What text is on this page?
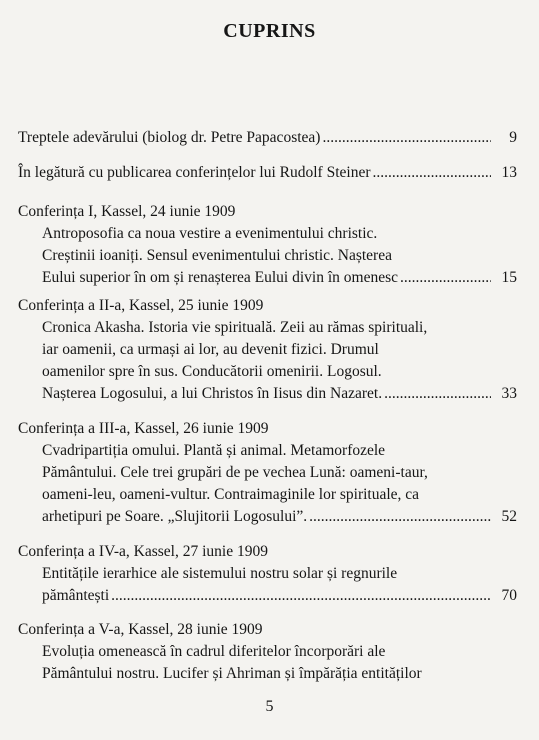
CUPRINS
Treptele adevărului (biolog dr. Petre Papacostea) .....	9
În legătură cu publicarea conferințelor lui Rudolf Steiner .....	13
Conferința I, Kassel, 24 iunie 1909
Antroposofia ca noua vestire a evenimentului christic.
Creștinii ioaniți. Sensul evenimentului christic. Nașterea
Eului superior în om și renașterea Eului divin în omenesc .....	15
Conferința a II-a, Kassel, 25 iunie 1909
Cronica Akasha. Istoria vie spirituală. Zeii au rămas spirituali,
iar oamenii, ca urmași ai lor, au devenit fizici. Drumul
oamenilor spre în sus. Conducătorii omenirii. Logosul.
Nașterea Logosului, a lui Christos în Iisus din Nazaret. .....	33
Conferința a III-a, Kassel, 26 iunie 1909
Cvadripartiția omului. Plantă și animal. Metamorfozele
Pământului. Cele trei grupări de pe vechea Lună: oameni-taur,
oameni-leu, oameni-vultur. Contraimaginile lor spirituale, ca
arhetipuri pe Soare. „Slujitorii Logosului”. .....	52
Conferința a IV-a, Kassel, 27 iunie 1909
Entitățile ierarhice ale sistemului nostru solar și regnurile
pământești .....	70
Conferința a V-a, Kassel, 28 iunie 1909
Evoluția omenească în cadrul diferitelor încorporări ale
Pământului nostru. Lucifer și Ahriman și împărăția entităților
5
